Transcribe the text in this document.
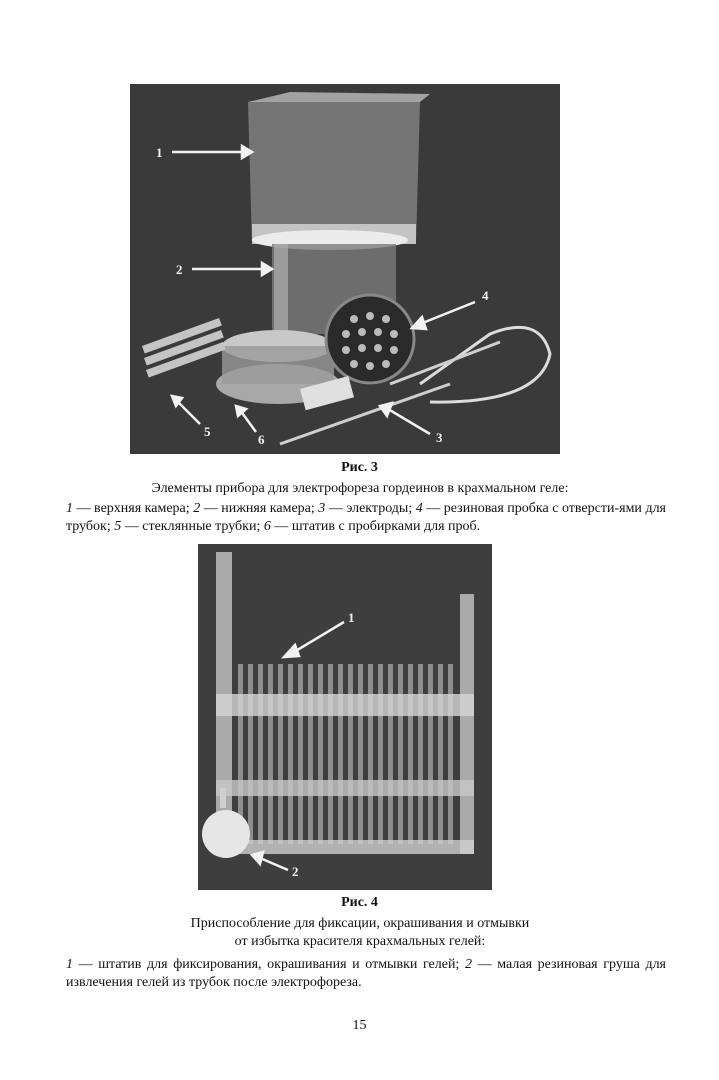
1
2
4
3
5
6
Рис. 3
Элементы прибора для электрофореза гордеинов в крахмальном геле:
1 — верхняя камера; 2 — нижняя камера; 3 — электроды; 4 — резиновая пробка с отверсти-ями для трубок; 5 — стеклянные трубки; 6 — штатив с пробирками для проб.
1
2
Рис. 4
Приспособление для фиксации, окрашивания и отмывки
от избытка красителя крахмальных гелей:
1 — штатив для фиксирования, окрашивания и отмывки гелей; 2 — малая резиновая груша для извлечения гелей из трубок после электрофореза.
15
